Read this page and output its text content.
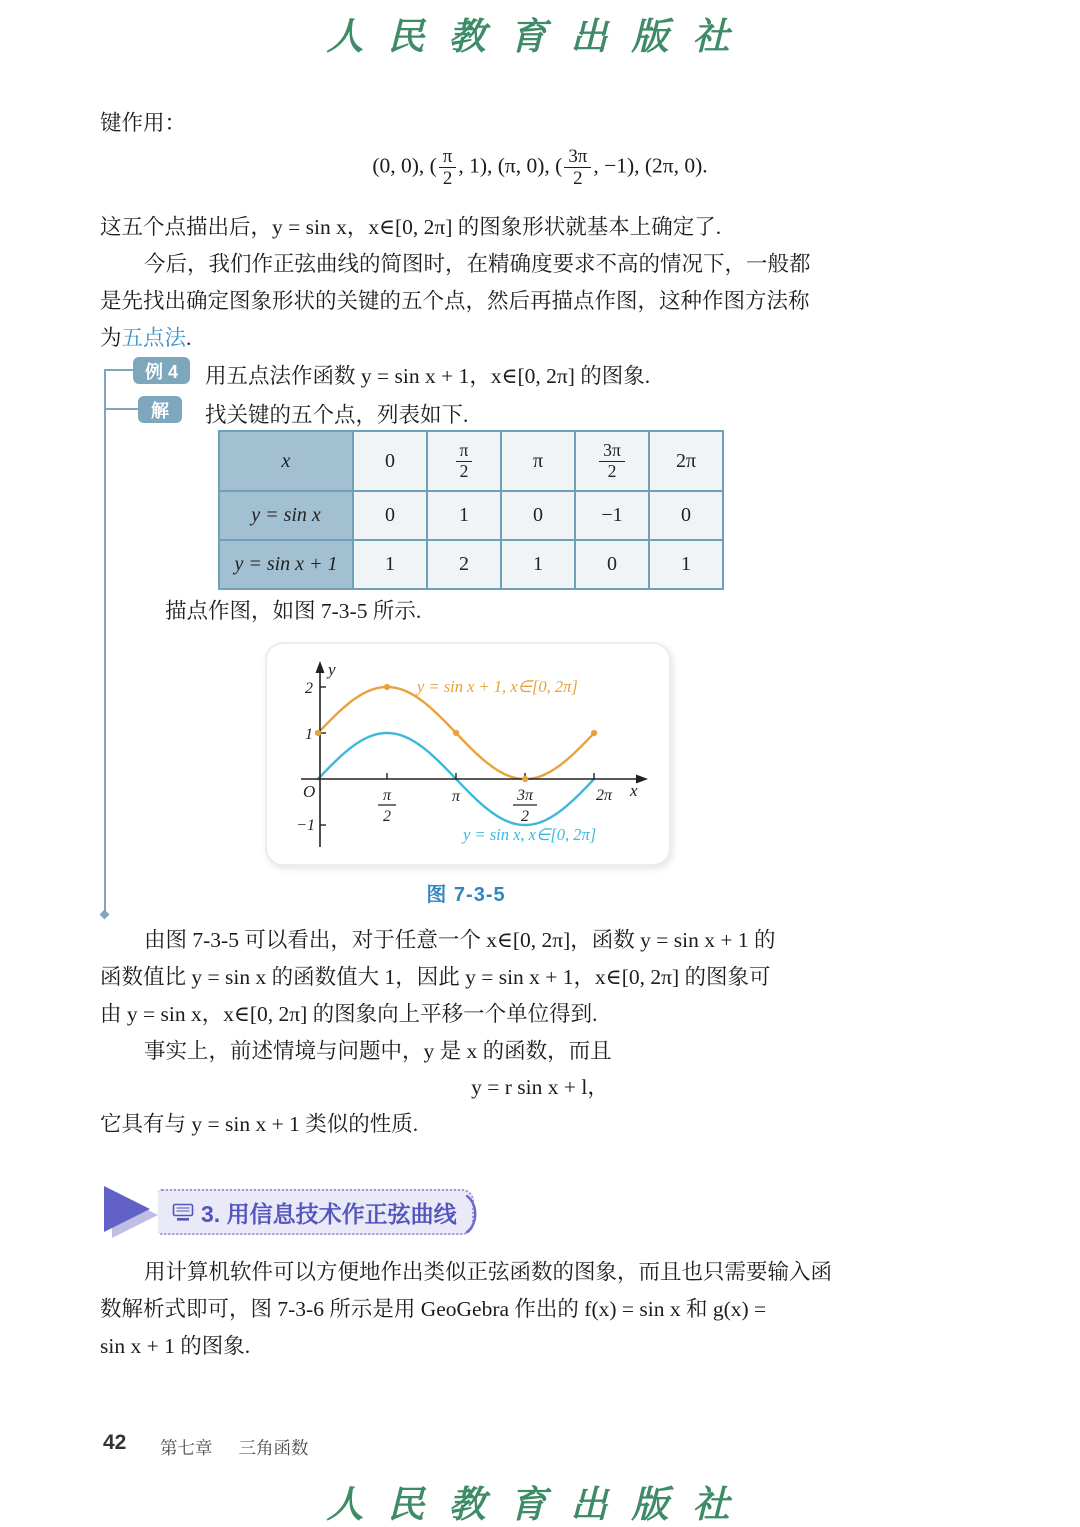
人民教育出版社
键作用：
(0, 0), ( $\frac{\pi}{2}$ , 1), (π, 0), ( $\frac{3\pi}{2}$ , −1), (2π, 0).
这五个点描出后，y = sin x，x∈[0, 2π] 的图象形状就基本上确定了.
今后，我们作正弦曲线的简图时，在精确度要求不高的情况下，一般都
是先找出确定图象形状的关键的五个点，然后再描点作图，这种作图方法称
为五点法.
例 4	用五点法作函数 y = sin x + 1，x∈[0, 2π] 的图象.
解	找关键的五个点，列表如下.
x	0	$\frac{\pi}{2}$	π	$\frac{3\pi}{2}$	2π
y = sin x	0	1	0	−1	0
y = sin x + 1	1	2	1	0	1
描点作图，如图 7-3-5 所示.
y
x
O
2
1
−1
π
2
π	3π
2
2π
y = sin x + 1, x∈[0, 2π]
y = sin x, x∈[0, 2π]
图 7-3-5
由图 7-3-5 可以看出，对于任意一个 x∈[0, 2π]，函数 y = sin x + 1 的
函数值比 y = sin x 的函数值大 1，因此 y = sin x + 1，x∈[0, 2π] 的图象可
由 y = sin x，x∈[0, 2π] 的图象向上平移一个单位得到.
事实上，前述情境与问题中，y 是 x 的函数，而且
y = r sin x + l，
它具有与 y = sin x + 1 类似的性质.
3. 用信息技术作正弦曲线
用计算机软件可以方便地作出类似正弦函数的图象，而且也只需要输入函
数解析式即可，图 7-3-6 所示是用 GeoGebra 作出的 f(x) = sin x 和 g(x) =
sin x + 1 的图象.
42 第七章 三角函数
人民教育出版社
